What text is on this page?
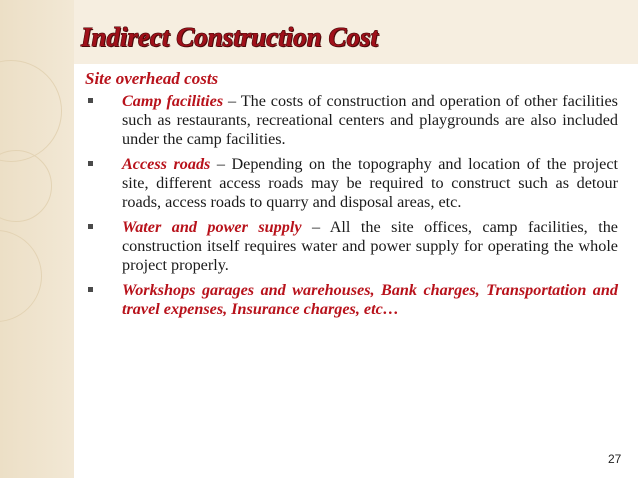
Indirect Construction Cost
Site overhead costs
Camp facilities – The costs of construction and operation of other facilities such as restaurants, recreational centers and playgrounds are also included under the camp facilities.
Access roads – Depending on the topography and location of the project site, different access roads may be required to construct such as detour roads, access roads to quarry and disposal areas, etc.
Water and power supply – All the site offices, camp facilities, the construction itself requires water and power supply for operating the whole project properly.
Workshops garages and warehouses, Bank charges, Transportation and travel expenses, Insurance charges, etc…
27
